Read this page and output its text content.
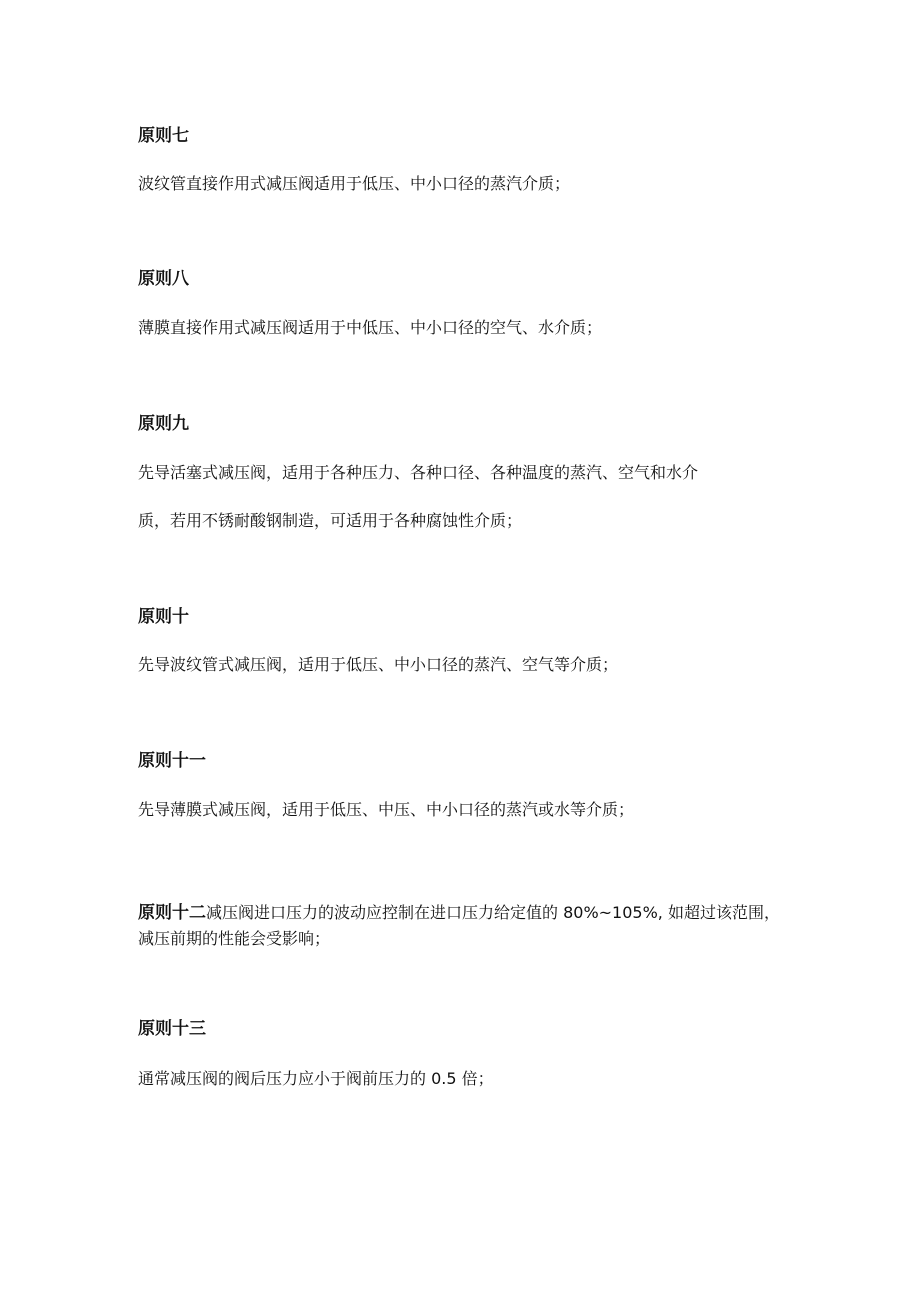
原则七
波纹管直接作用式减压阀适用于低压、中小口径的蒸汽介质；
原则八
薄膜直接作用式减压阀适用于中低压、中小口径的空气、水介质；
原则九
先导活塞式减压阀，适用于各种压力、各种口径、各种温度的蒸汽、空气和水介
质，若用不锈耐酸钢制造，可适用于各种腐蚀性介质；
原则十
先导波纹管式减压阀，适用于低压、中小口径的蒸汽、空气等介质；
原则十一
先导薄膜式减压阀，适用于低压、中压、中小口径的蒸汽或水等介质；
原则十二减压阀进口压力的波动应控制在进口压力给定值的 80%~105%, 如超过该范围，减压前期的性能会受影响；
原则十三
通常减压阀的阀后压力应小于阀前压力的 0.5 倍；
